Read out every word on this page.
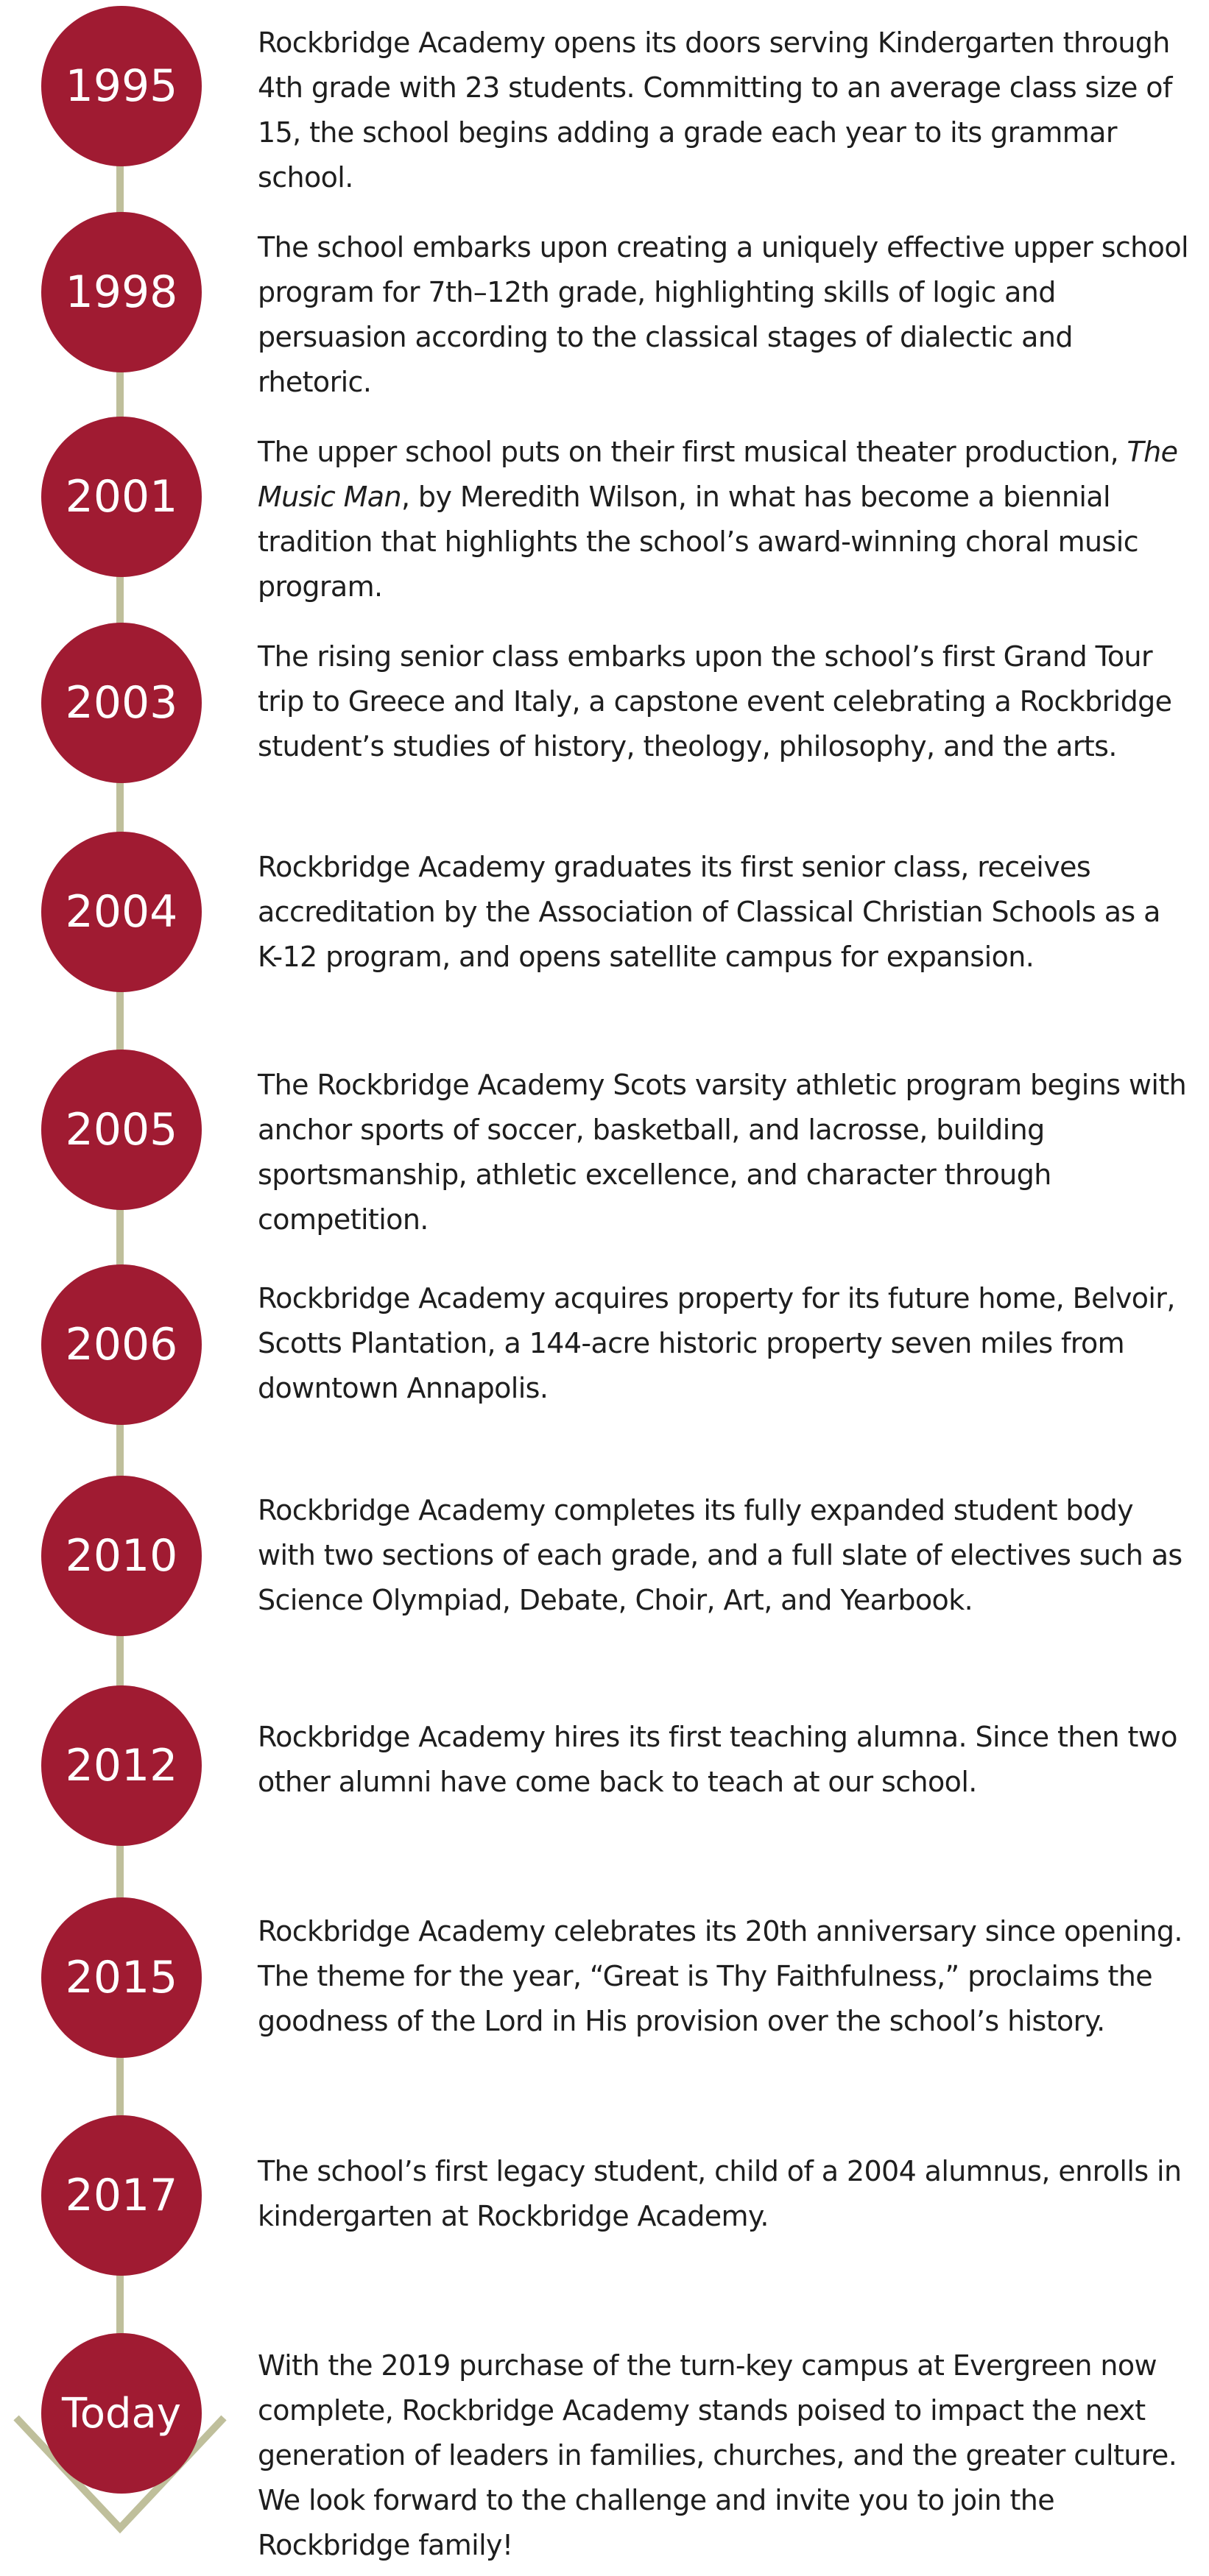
1995
Rockbridge Academy opens its doors serving Kindergarten through 4th grade with 23 students. Committing to an average class size of 15, the school begins adding a grade each year to its grammar school.
1998
The school embarks upon creating a uniquely effective upper school program for 7th–12th grade, highlighting skills of logic and persuasion according to the classical stages of dialectic and rhetoric.
2001
The upper school puts on their first musical theater production, The Music Man, by Meredith Wilson, in what has become a biennial tradition that highlights the school’s award-winning choral music program.
2003
The rising senior class embarks upon the school’s first Grand Tour trip to Greece and Italy, a capstone event celebrating a Rockbridge student’s studies of history, theology, philosophy, and the arts.
2004
Rockbridge Academy graduates its first senior class, receives accreditation by the Association of Classical Christian Schools as a K-12 program, and opens satellite campus for expansion.
2005
The Rockbridge Academy Scots varsity athletic program begins with anchor sports of soccer, basketball, and lacrosse, building sportsmanship, athletic excellence, and character through competition.
2006
Rockbridge Academy acquires property for its future home, Belvoir, Scotts Plantation, a 144-acre historic property seven miles from downtown Annapolis.
2010
Rockbridge Academy completes its fully expanded student body with two sections of each grade, and a full slate of electives such as Science Olympiad, Debate, Choir, Art, and Yearbook.
2012
Rockbridge Academy hires its first teaching alumna. Since then two other alumni have come back to teach at our school.
2015
Rockbridge Academy celebrates its 20th anniversary since opening. The theme for the year, “Great is Thy Faithfulness,” proclaims the goodness of the Lord in His provision over the school’s history.
2017	The school’s first legacy student, child of a 2004 alumnus, enrolls in kindergarten at Rockbridge Academy.
Today
With the 2019 purchase of the turn-key campus at Evergreen now complete, Rockbridge Academy stands poised to impact the next generation of leaders in families, churches, and the greater culture. We look forward to the challenge and invite you to join the Rockbridge family!
